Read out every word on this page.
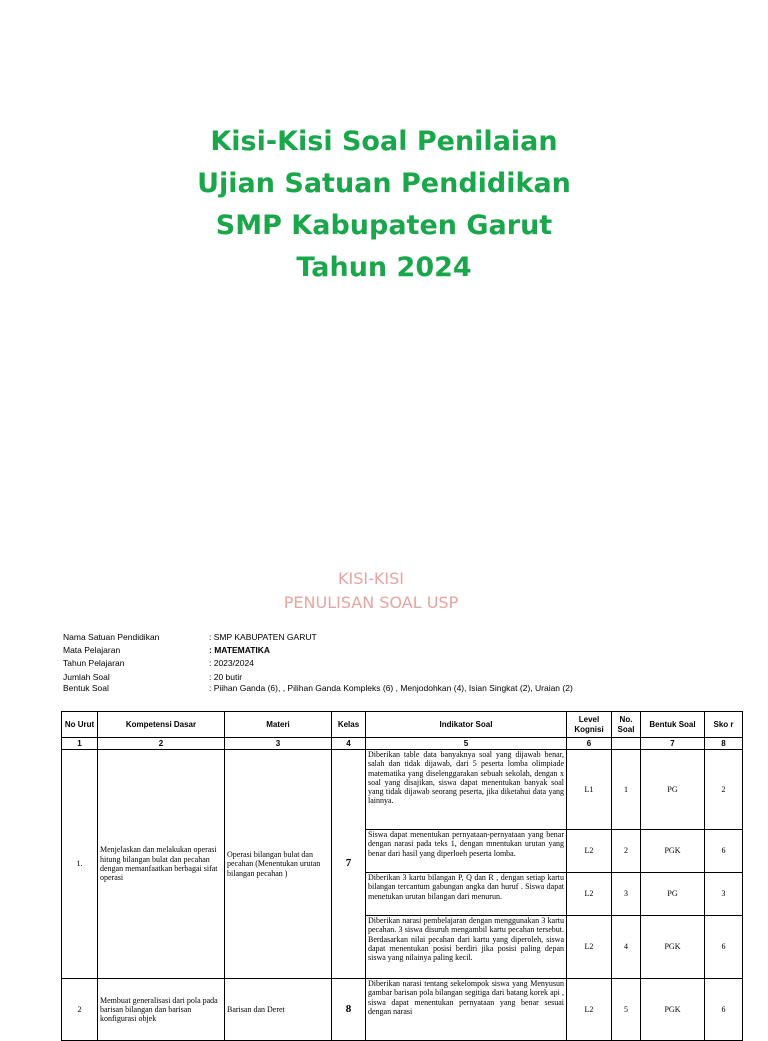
Kisi-Kisi Soal Penilaian
Ujian Satuan Pendidikan
SMP Kabupaten Garut
Tahun 2024
KISI-KISI
PENULISAN SOAL USP
Nama Satuan Pendidikan	: SMP KABUPATEN GARUT
Mata Pelajaran	: MATEMATIKA
Tahun Pelajaran	: 2023/2024
Jumlah Soal	: 20 butir
Bentuk Soal	: Piihan Ganda (6), , Pilihan Ganda Kompleks (6) , Menjodohkan (4), Isian Singkat (2), Uraian (2)
No Urut	Kompetensi Dasar	Materi	Kelas	Indikator Soal	Level Kognisi	No. Soal	Bentuk Soal	Sko r
1	2	3	4	5	6		7	8
1.	Menjelaskan dan melakukan operasi hitung bilangan bulat dan pecahan dengan memanfaatkan berbagai sifat operasi	Operasi bilangan bulat dan pecahan (Menentukan urutan bilangan pecahan )	7	Diberikan table data banyaknya soal yang dijawab benar, salah dan tidak dijawab, dari 5 peserta lomba olimpiade matematika yang diselenggarakan sebuah sekolah, dengan x soal yang disajikan, siswa dapat menentukan banyak soal yang tidak dijawab seorang peserta, jika diketahui data yang lainnya.	L1	1	PG	2
				Siswa dapat menentukan pernyataan-pernyataan yang benar dengan narasi pada teks 1, dengan mnentukan urutan yang benar dari hasil yang diperloeh peserta lomba.	L2	2	PGK	6
				Diberikan 3 kartu bilangan P, Q dan R , dengan setiap kartu bilangan tercantum gabungan angka dan huruf . Siswa dapat menetukan urutan bilangan dari menurun.	L2	3	PG	3
				Diberikan narasi pembelajaran dengan menggunakan 3 kartu pecahan. 3 siswa disuruh mengambil kartu pecahan tersebut. Berdasarkan nilai pecahan dari kartu yang diperoleh, siswa dapat menentukan posisi berdiri jika posisi paling depan siswa yang nilainya paling kecil.	L2	4	PGK	6
2	Membuat generalisasi dari pola pada barisan bilangan dan barisan konfigurasi objek	Barisan dan Deret	8	Diberikan narasi tentang sekelompok siswa yang Menyusun gambar barisan pola bilangan segitiga dari batang korek api , siswa dapat menentukan pernyataan yang benar sesuai dengan narasi	L2	5	PGK	6
